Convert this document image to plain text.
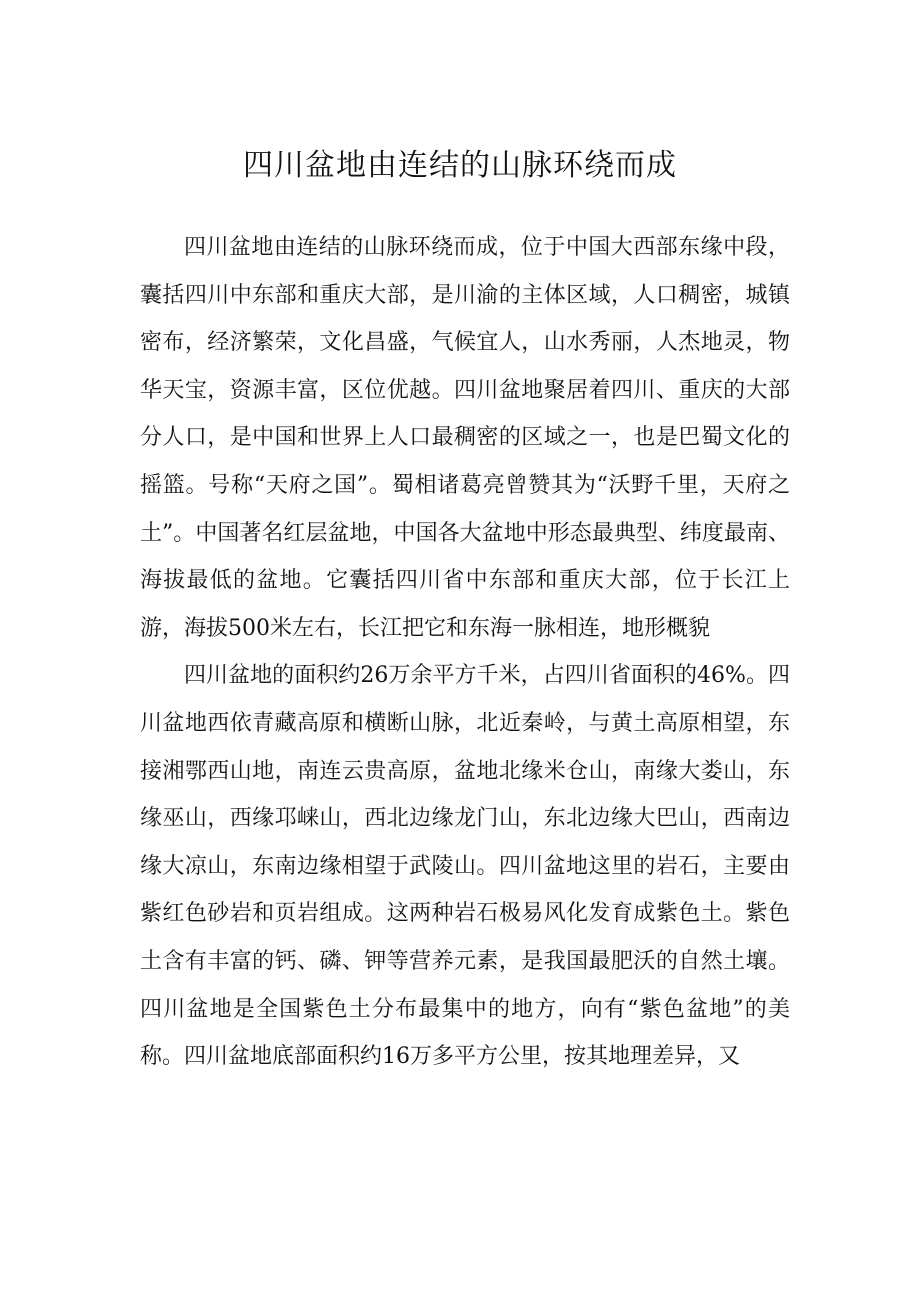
四川盆地由连结的山脉环绕而成

四川盆地由连结的山脉环绕而成，位于中国大西部东缘中段，囊括四川中东部和重庆大部，是川渝的主体区域，人口稠密，城镇密布，经济繁荣，文化昌盛，气候宜人，山水秀丽，人杰地灵，物华天宝，资源丰富，区位优越。四川盆地聚居着四川、重庆的大部分人口，是中国和世界上人口最稠密的区域之一，也是巴蜀文化的摇篮。号称“天府之国”。蜀相诸葛亮曾赞其为“沃野千里，天府之土”。中国著名红层盆地，中国各大盆地中形态最典型、纬度最南、海拔最低的盆地。它囊括四川省中东部和重庆大部，位于长江上游，海拔500米左右，长江把它和东海一脉相连，地形概貌

四川盆地的面积约26万余平方千米，占四川省面积的46%。四川盆地西依青藏高原和横断山脉，北近秦岭，与黄土高原相望，东接湘鄂西山地，南连云贵高原，盆地北缘米仓山，南缘大娄山，东缘巫山，西缘邛崃山，西北边缘龙门山，东北边缘大巴山，西南边缘大凉山，东南边缘相望于武陵山。四川盆地这里的岩石，主要由紫红色砂岩和页岩组成。这两种岩石极易风化发育成紫色土。紫色土含有丰富的钙、磷、钾等营养元素，是我国最肥沃的自然土壤。四川盆地是全国紫色土分布最集中的地方，向有“紫色盆地”的美称。四川盆地底部面积约16万多平方公里，按其地理差异，又
